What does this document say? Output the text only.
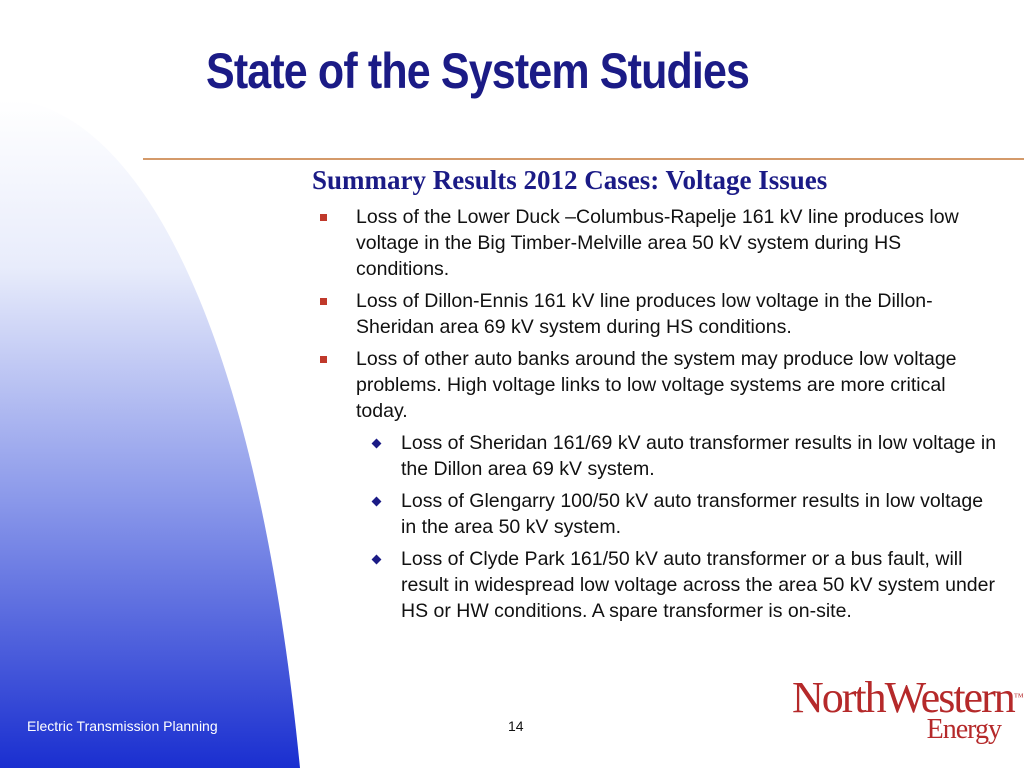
State of the System Studies
Summary Results 2012 Cases: Voltage Issues
Loss of the Lower Duck –Columbus-Rapelje 161 kV line produces low voltage in the Big Timber-Melville area 50 kV system during HS conditions.
Loss of Dillon-Ennis 161 kV line produces low voltage in the Dillon-Sheridan area 69 kV system during HS conditions.
Loss of other auto banks around the system may produce low voltage problems. High voltage links to low voltage systems are more critical today.
Loss of Sheridan 161/69 kV auto transformer results in low voltage in the Dillon area 69 kV system.
Loss of Glengarry 100/50 kV auto transformer results in low voltage in the area 50 kV system.
Loss of Clyde Park 161/50 kV auto transformer or a bus fault, will result in widespread low voltage across the area 50 kV system under HS or HW conditions. A spare transformer is on-site.
Electric Transmission Planning	14
NorthWestern™
Energy
